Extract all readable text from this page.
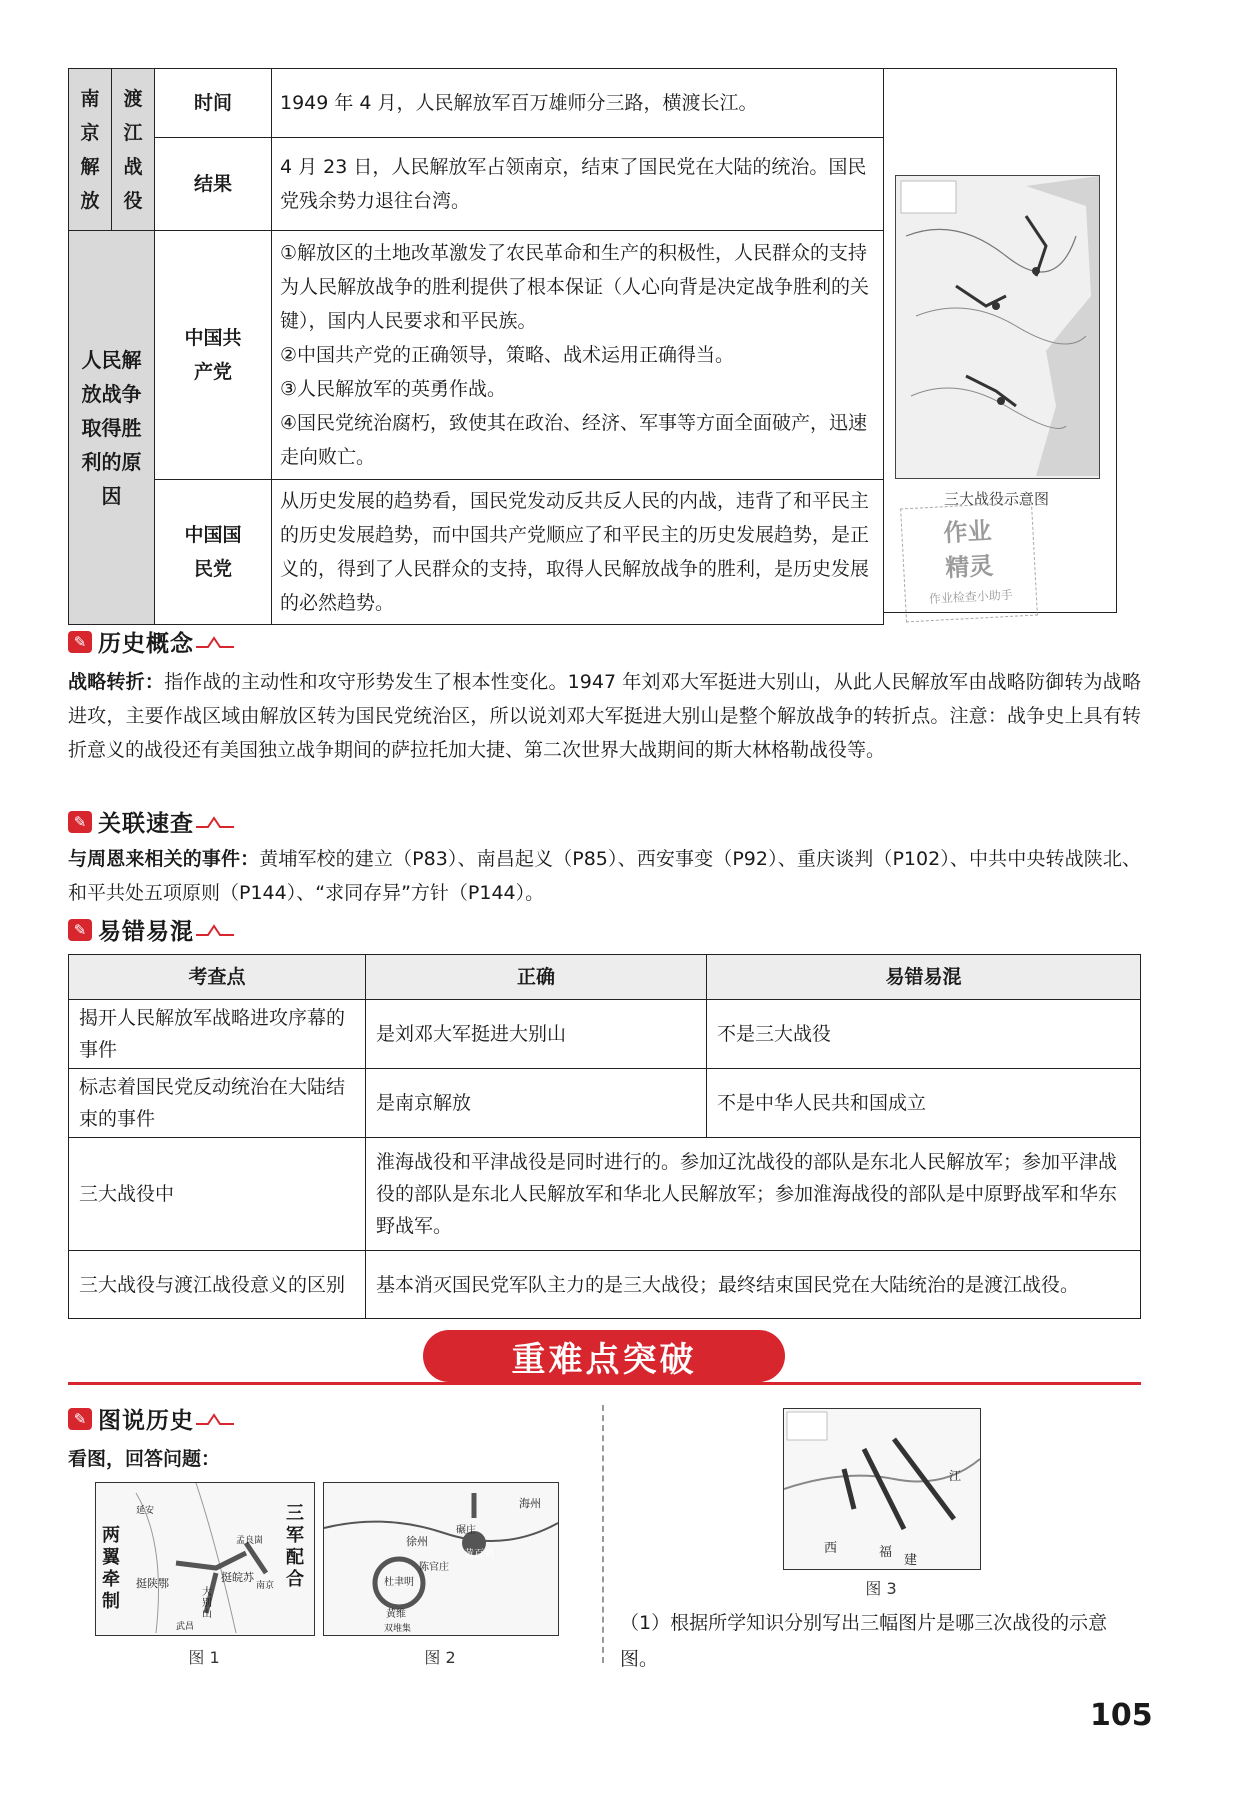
南京解放	渡江战役	时间	1949 年 4 月，人民解放军百万雄师分三路，横渡长江。
		结果	4 月 23 日，人民解放军占领南京，结束了国民党在大陆的统治。国民党残余势力退往台湾。

人民解放战争取得胜利的原因		中国共产党	①解放区的土地改革激发了农民革命和生产的积极性，人民群众的支持为人民解放战争的胜利提供了根本保证（人心向背是决定战争胜利的关键），国内人民要求和平民族。

②中国共产党的正确领导，策略、战术运用正确得当。

③人民解放军的英勇作战。

④国民党统治腐朽，致使其在政治、经济、军事等方面全面破产，迅速走向败亡。

		中国国民党	从历史发展的趋势看，国民党发动反共反人民的内战，违背了和平民主的历史发展趋势，而中国共产党顺应了和平民主的历史发展趋势，是正义的，得到了人民群众的支持，取得人民解放战争的胜利，是历史发展的必然趋势。
三大战役示意图
作业
精灵
作业检查小助手
✎ 历史概念
战略转折：指作战的主动性和攻守形势发生了根本性变化。1947 年刘邓大军挺进大别山，从此人民解放军由战略防御转为战略进攻，主要作战区域由解放区转为国民党统治区，所以说刘邓大军挺进大别山是整个解放战争的转折点。注意：战争史上具有转折意义的战役还有美国独立战争期间的萨拉托加大捷、第二次世界大战期间的斯大林格勒战役等。
✎ 关联速查
与周恩来相关的事件：黄埔军校的建立（P83）、南昌起义（P85）、西安事变（P92）、重庆谈判（P102）、中共中央转战陕北、和平共处五项原则（P144）、“求同存异”方针（P144）。
✎ 易错易混
考查点	正确	易错易混
揭开人民解放军战略进攻序幕的事件	是刘邓大军挺进大别山	不是三大战役
标志着国民党反动统治在大陆结束的事件	是南京解放	不是中华人民共和国成立
三大战役中	淮海战役和平津战役是同时进行的。参加辽沈战役的部队是东北人民解放军；参加平津战役的部队是东北人民解放军和华北人民解放军；参加淮海战役的部队是中原野战军和华东野战军。	
三大战役与渡江战役意义的区别	基本消灭国民党军队主力的是三大战役；最终结束国民党在大陆统治的是渡江战役。	
重难点突破
✎ 图说历史
看图，回答问题：
两翼牵制
三军配合
挺陕鄂
大别山
挺皖苏
延安
武昌
南京
孟良崮
图 1
海州
徐州
碾庄
陈官庄
黄百韬
双堆集
黄维
杜聿明
图 2
江
西	福
建
图 3
（1）根据所学知识分别写出三幅图片是哪三次战役的示意图。
105
